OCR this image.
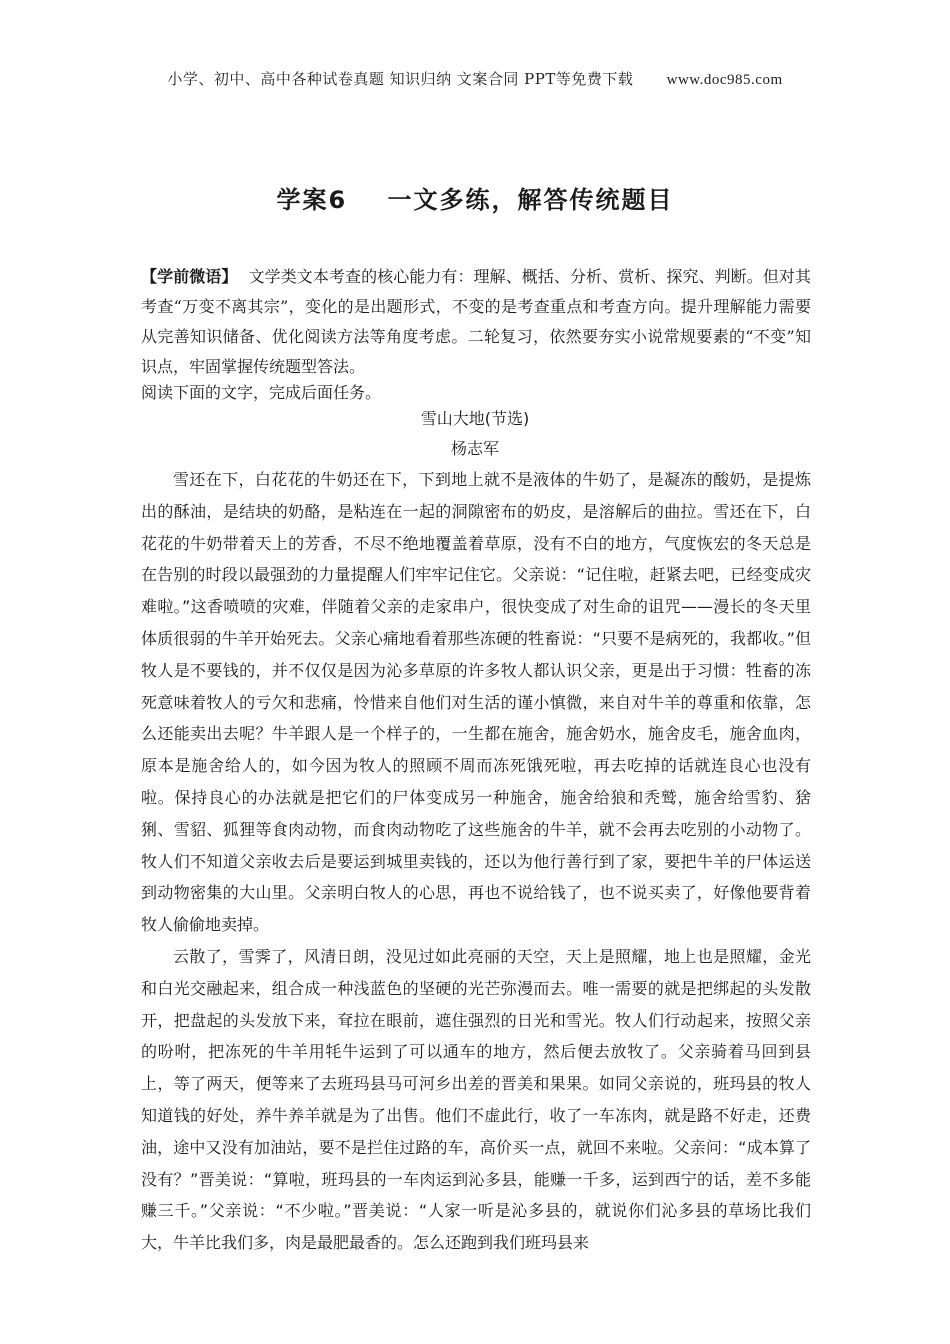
小学、初中、高中各种试卷真题 知识归纳 文案合同 PPT等免费下载 www.doc985.com
学案6 一文多练，解答传统题目
【学前微语】 文学类文本考查的核心能力有：理解、概括、分析、赏析、探究、判断。但对其考查“万变不离其宗”，变化的是出题形式，不变的是考查重点和考查方向。提升理解能力需要从完善知识储备、优化阅读方法等角度考虑。二轮复习，依然要夯实小说常规要素的“不变”知识点，牢固掌握传统题型答法。
阅读下面的文字，完成后面任务。
雪山大地(节选)
杨志军

雪还在下，白花花的牛奶还在下，下到地上就不是液体的牛奶了，是凝冻的酸奶，是提炼出的酥油，是结块的奶酪，是粘连在一起的洞隙密布的奶皮，是溶解后的曲拉。雪还在下，白花花的牛奶带着天上的芳香，不尽不绝地覆盖着草原，没有不白的地方，气度恢宏的冬天总是在告别的时段以最强劲的力量提醒人们牢牢记住它。父亲说：“记住啦，赶紧去吧，已经变成灾难啦。”这香喷喷的灾难，伴随着父亲的走家串户，很快变成了对生命的诅咒——漫长的冬天里体质很弱的牛羊开始死去。父亲心痛地看着那些冻硬的牲畜说：“只要不是病死的，我都收。”但牧人是不要钱的，并不仅仅是因为沁多草原的许多牧人都认识父亲，更是出于习惯：牲畜的冻死意味着牧人的亏欠和悲痛，怜惜来自他们对生活的谨小慎微，来自对牛羊的尊重和依靠，怎么还能卖出去呢？牛羊跟人是一个样子的，一生都在施舍，施舍奶水，施舍皮毛，施舍血肉，原本是施舍给人的，如今因为牧人的照顾不周而冻死饿死啦，再去吃掉的话就连良心也没有啦。保持良心的办法就是把它们的尸体变成另一种施舍，施舍给狼和秃鹫，施舍给雪豹、猞猁、雪貂、狐狸等食肉动物，而食肉动物吃了这些施舍的牛羊，就不会再去吃别的小动物了。牧人们不知道父亲收去后是要运到城里卖钱的，还以为他行善行到了家，要把牛羊的尸体运送到动物密集的大山里。父亲明白牧人的心思，再也不说给钱了，也不说买卖了，好像他要背着牧人偷偷地卖掉。

云散了，雪霁了，风清日朗，没见过如此亮丽的天空，天上是照耀，地上也是照耀，金光和白光交融起来，组合成一种浅蓝色的坚硬的光芒弥漫而去。唯一需要的就是把绑起的头发散开，把盘起的头发放下来，耷拉在眼前，遮住强烈的日光和雪光。牧人们行动起来，按照父亲的吩咐，把冻死的牛羊用牦牛运到了可以通车的地方，然后便去放牧了。父亲骑着马回到县上，等了两天，便等来了去班玛县马可河乡出差的晋美和果果。如同父亲说的，班玛县的牧人知道钱的好处，养牛养羊就是为了出售。他们不虚此行，收了一车冻肉，就是路不好走，还费油，途中又没有加油站，要不是拦住过路的车，高价买一点，就回不来啦。父亲问：“成本算了没有？”晋美说：“算啦，班玛县的一车肉运到沁多县，能赚一千多，运到西宁的话，差不多能赚三千。”父亲说：“不少啦。”晋美说：“人家一听是沁多县的，就说你们沁多县的草场比我们大，牛羊比我们多，肉是最肥最香的。怎么还跑到我们班玛县来
